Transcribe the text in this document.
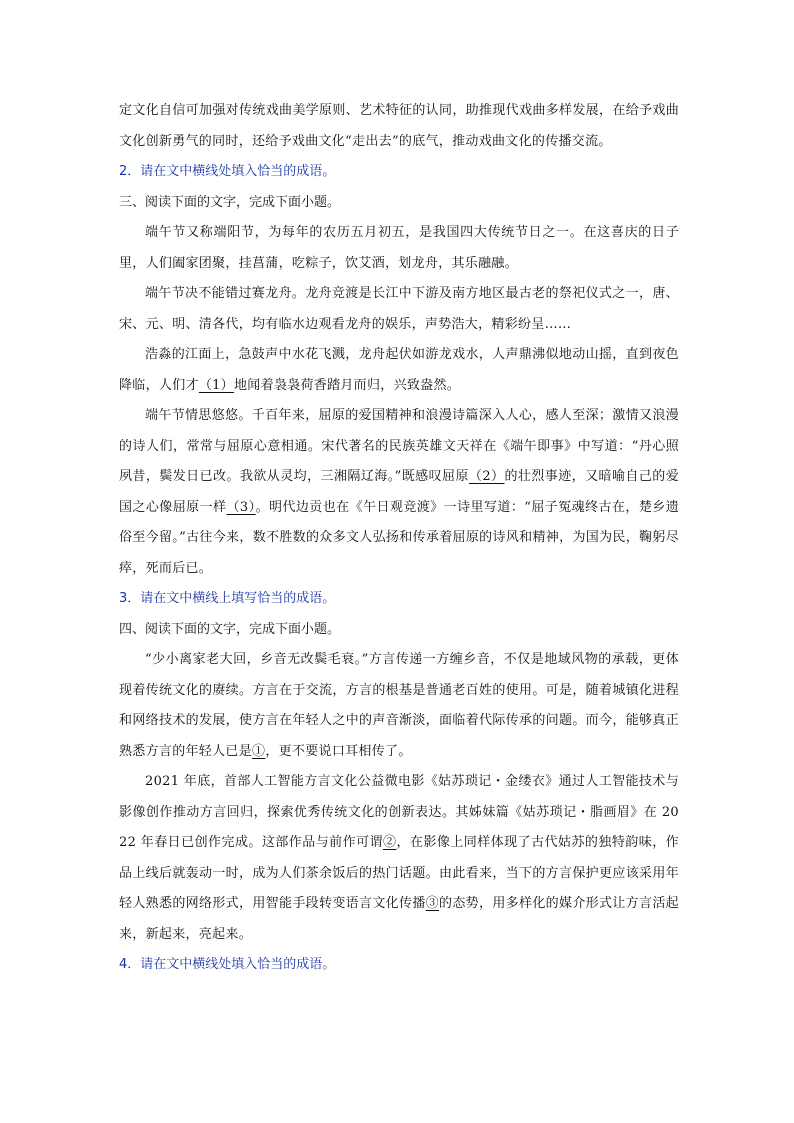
定文化自信可加强对传统戏曲美学原则、艺术特征的认同，助推现代戏曲多样发展，在给予戏曲文化创新勇气的同时，还给予戏曲文化“走出去”的底气，推动戏曲文化的传播交流。

2．请在文中横线处填入恰当的成语。

三、阅读下面的文字，完成下面小题。

端午节又称端阳节，为每年的农历五月初五，是我国四大传统节日之一。在这喜庆的日子里，人们阖家团聚，挂菖蒲，吃粽子，饮艾酒，划龙舟，其乐融融。

端午节决不能错过赛龙舟。龙舟竞渡是长江中下游及南方地区最古老的祭祀仪式之一，唐、宋、元、明、清各代，均有临水边观看龙舟的娱乐，声势浩大，精彩纷呈……

浩淼的江面上，急鼓声中水花飞溅，龙舟起伏如游龙戏水，人声鼎沸似地动山摇，直到夜色降临，人们才（1）地闻着袅袅荷香踏月而归，兴致盎然。

端午节情思悠悠。千百年来，屈原的爱国精神和浪漫诗篇深入人心，感人至深；激情又浪漫的诗人们，常常与屈原心意相通。宋代著名的民族英雄文天祥在《端午即事》中写道：“丹心照夙昔，鬓发日已改。我欲从灵均，三湘隔辽海。”既感叹屈原（2）的壮烈事迹，又暗喻自己的爱国之心像屈原一样（3）。明代边贡也在《午日观竞渡》一诗里写道：“屈子冤魂终古在，楚乡遗俗至今留。”古往今来，数不胜数的众多文人弘扬和传承着屈原的诗风和精神，为国为民，鞠躬尽瘁，死而后已。

3．请在文中横线上填写恰当的成语。

四、阅读下面的文字，完成下面小题。

“少小离家老大回，乡音无改鬓毛衰。”方言传递一方缠乡音，不仅是地域风物的承载，更体现着传统文化的赓续。方言在于交流，方言的根基是普通老百姓的使用。可是，随着城镇化进程和网络技术的发展，使方言在年轻人之中的声音渐淡，面临着代际传承的问题。而今，能够真正熟悉方言的年轻人已是①，更不要说口耳相传了。

2021 年底，首部人工智能方言文化公益微电影《姑苏琐记・金缕衣》通过人工智能技术与影像创作推动方言回归，探索优秀传统文化的创新表达。其姊妹篇《姑苏琐记・脂画眉》在 2022 年春日已创作完成。这部作品与前作可谓②，在影像上同样体现了古代姑苏的独特韵味，作品上线后就轰动一时，成为人们茶余饭后的热门话题。由此看来，当下的方言保护更应该采用年轻人熟悉的网络形式，用智能手段转变语言文化传播③的态势，用多样化的媒介形式让方言活起来，新起来，亮起来。

4．请在文中横线处填入恰当的成语。
